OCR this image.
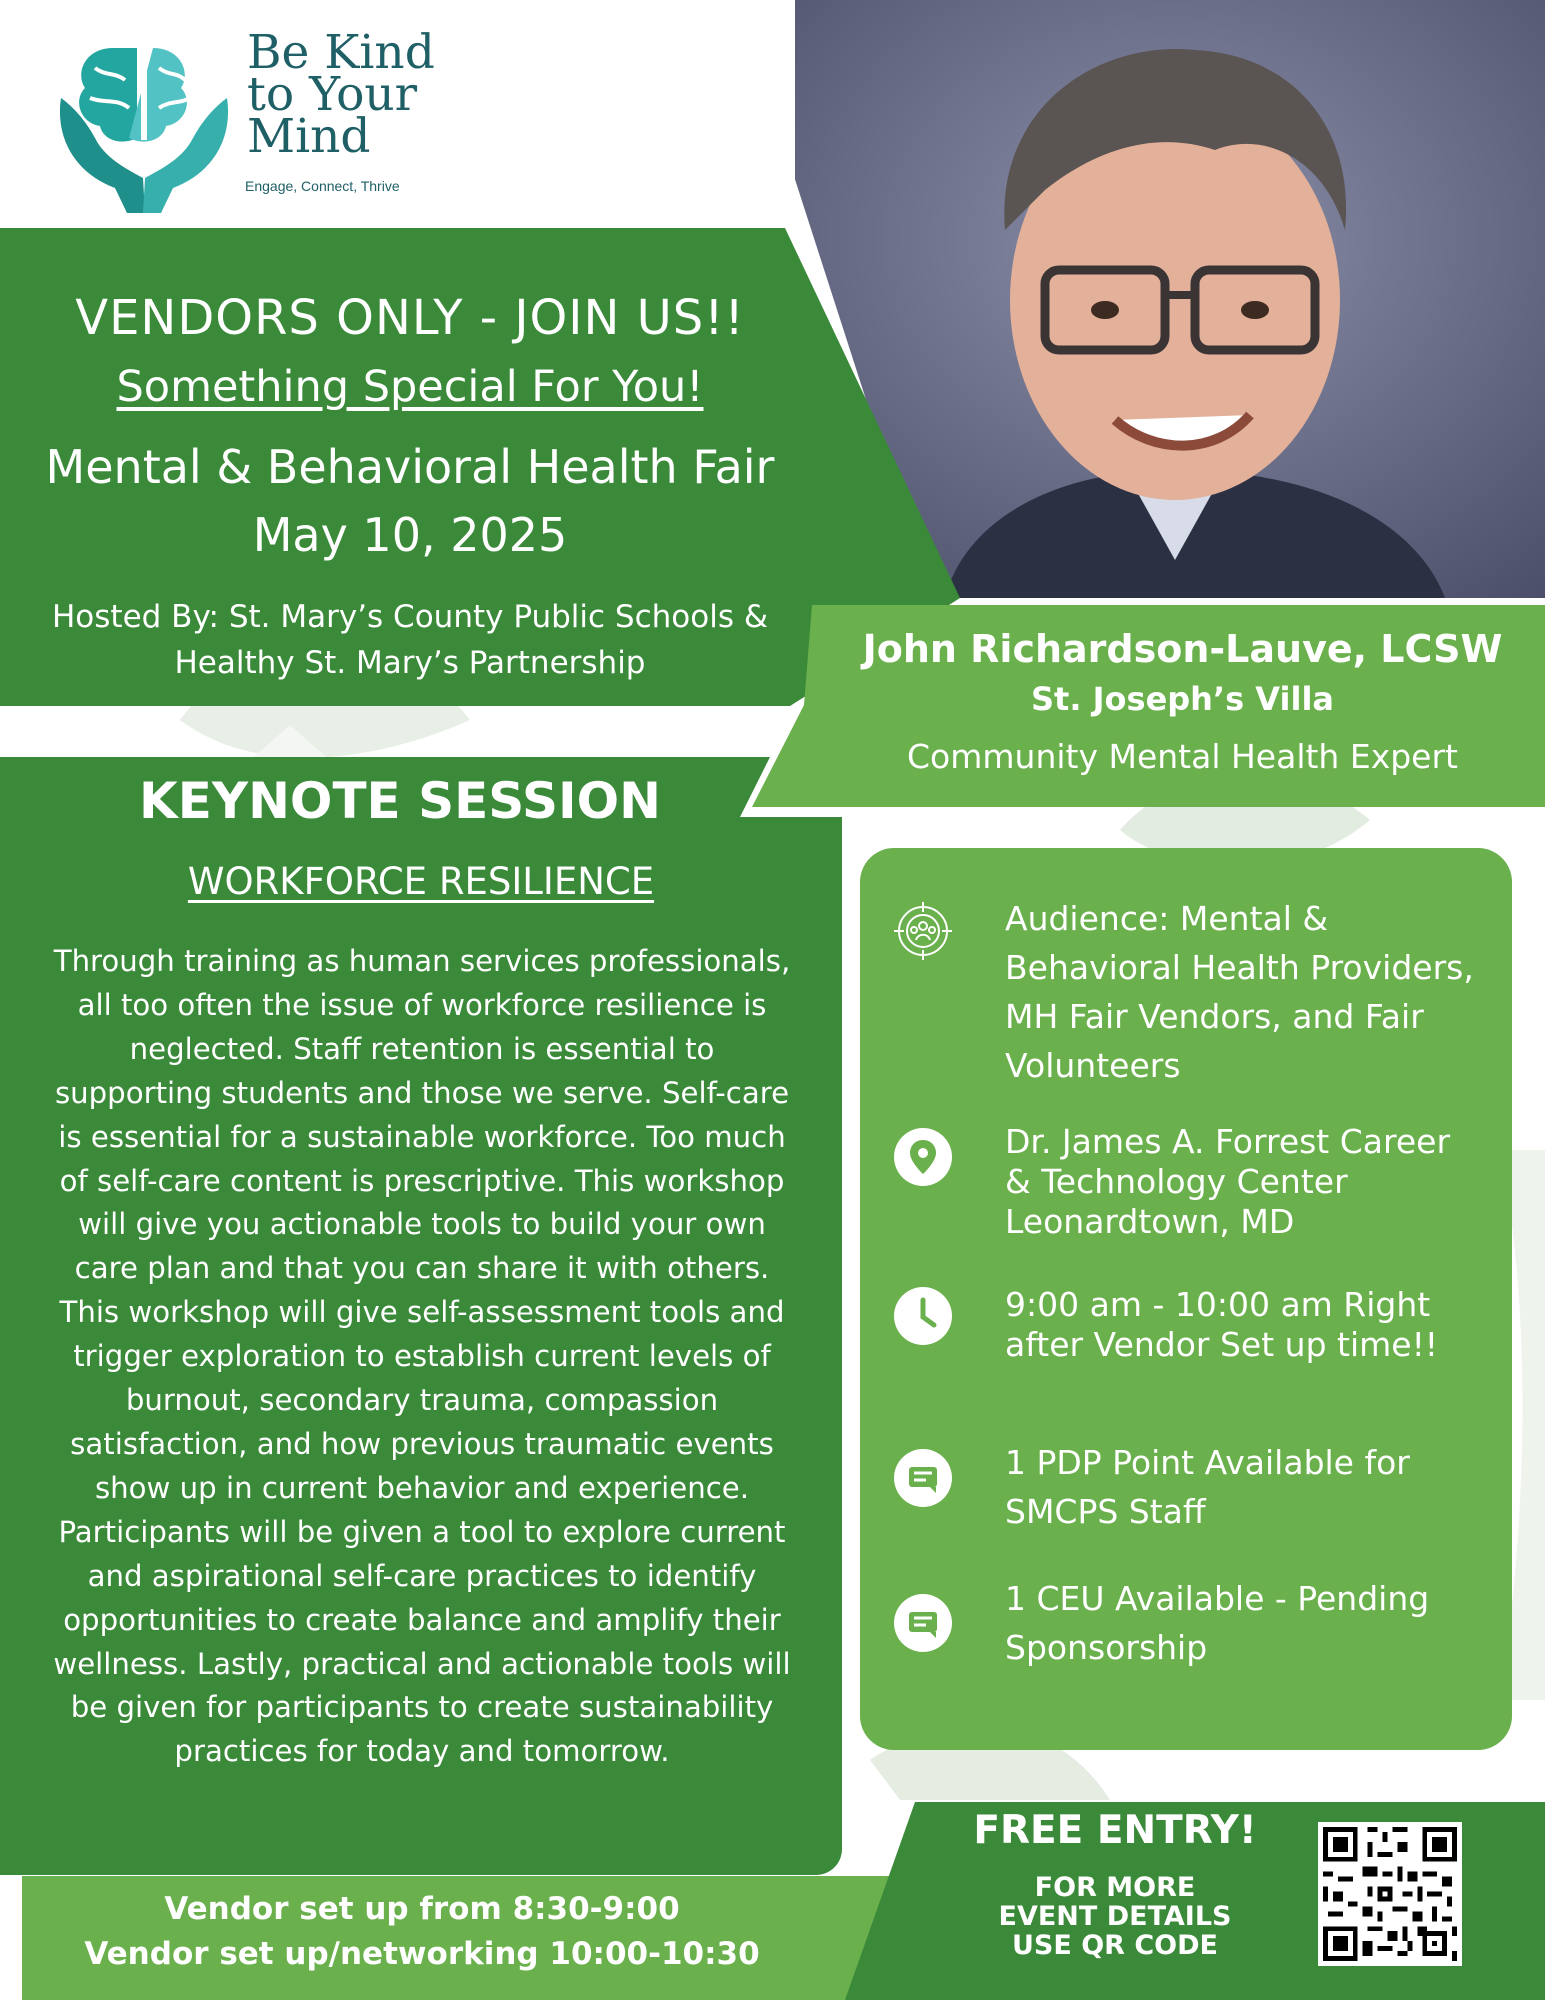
Be Kind
to Your
Mind
Engage, Connect, Thrive
VENDORS ONLY - JOIN US!!
Something Special For You!
Mental & Behavioral Health Fair
May 10, 2025
Hosted By: St. Mary’s County Public Schools &
Healthy St. Mary’s Partnership	John Richardson-Lauve, LCSW
St. Joseph’s Villa
Community Mental Health Expert
KEYNOTE SESSION
WORKFORCE RESILIENCE
Through training as human services professionals,
all too often the issue of workforce resilience is
neglected. Staff retention is essential to
supporting students and those we serve. Self-care
is essential for a sustainable workforce. Too much
of self-care content is prescriptive. This workshop
will give you actionable tools to build your own
care plan and that you can share it with others.
This workshop will give self-assessment tools and
trigger exploration to establish current levels of
burnout, secondary trauma, compassion
satisfaction, and how previous traumatic events
show up in current behavior and experience.
Participants will be given a tool to explore current
and aspirational self-care practices to identify
opportunities to create balance and amplify their
wellness. Lastly, practical and actionable tools will
be given for participants to create sustainability
practices for today and tomorrow.
Audience: Mental &
Behavioral Health Providers,
MH Fair Vendors, and Fair
Volunteers
Dr. James A. Forrest Career
& Technology Center
Leonardtown, MD
9:00 am - 10:00 am Right
after Vendor Set up time!!
1 PDP Point Available for
SMCPS Staff
1 CEU Available - Pending
Sponsorship
Vendor set up from 8:30-9:00
Vendor set up/networking 10:00-10:30
FREE ENTRY!
FOR MORE
EVENT DETAILS
USE QR CODE
